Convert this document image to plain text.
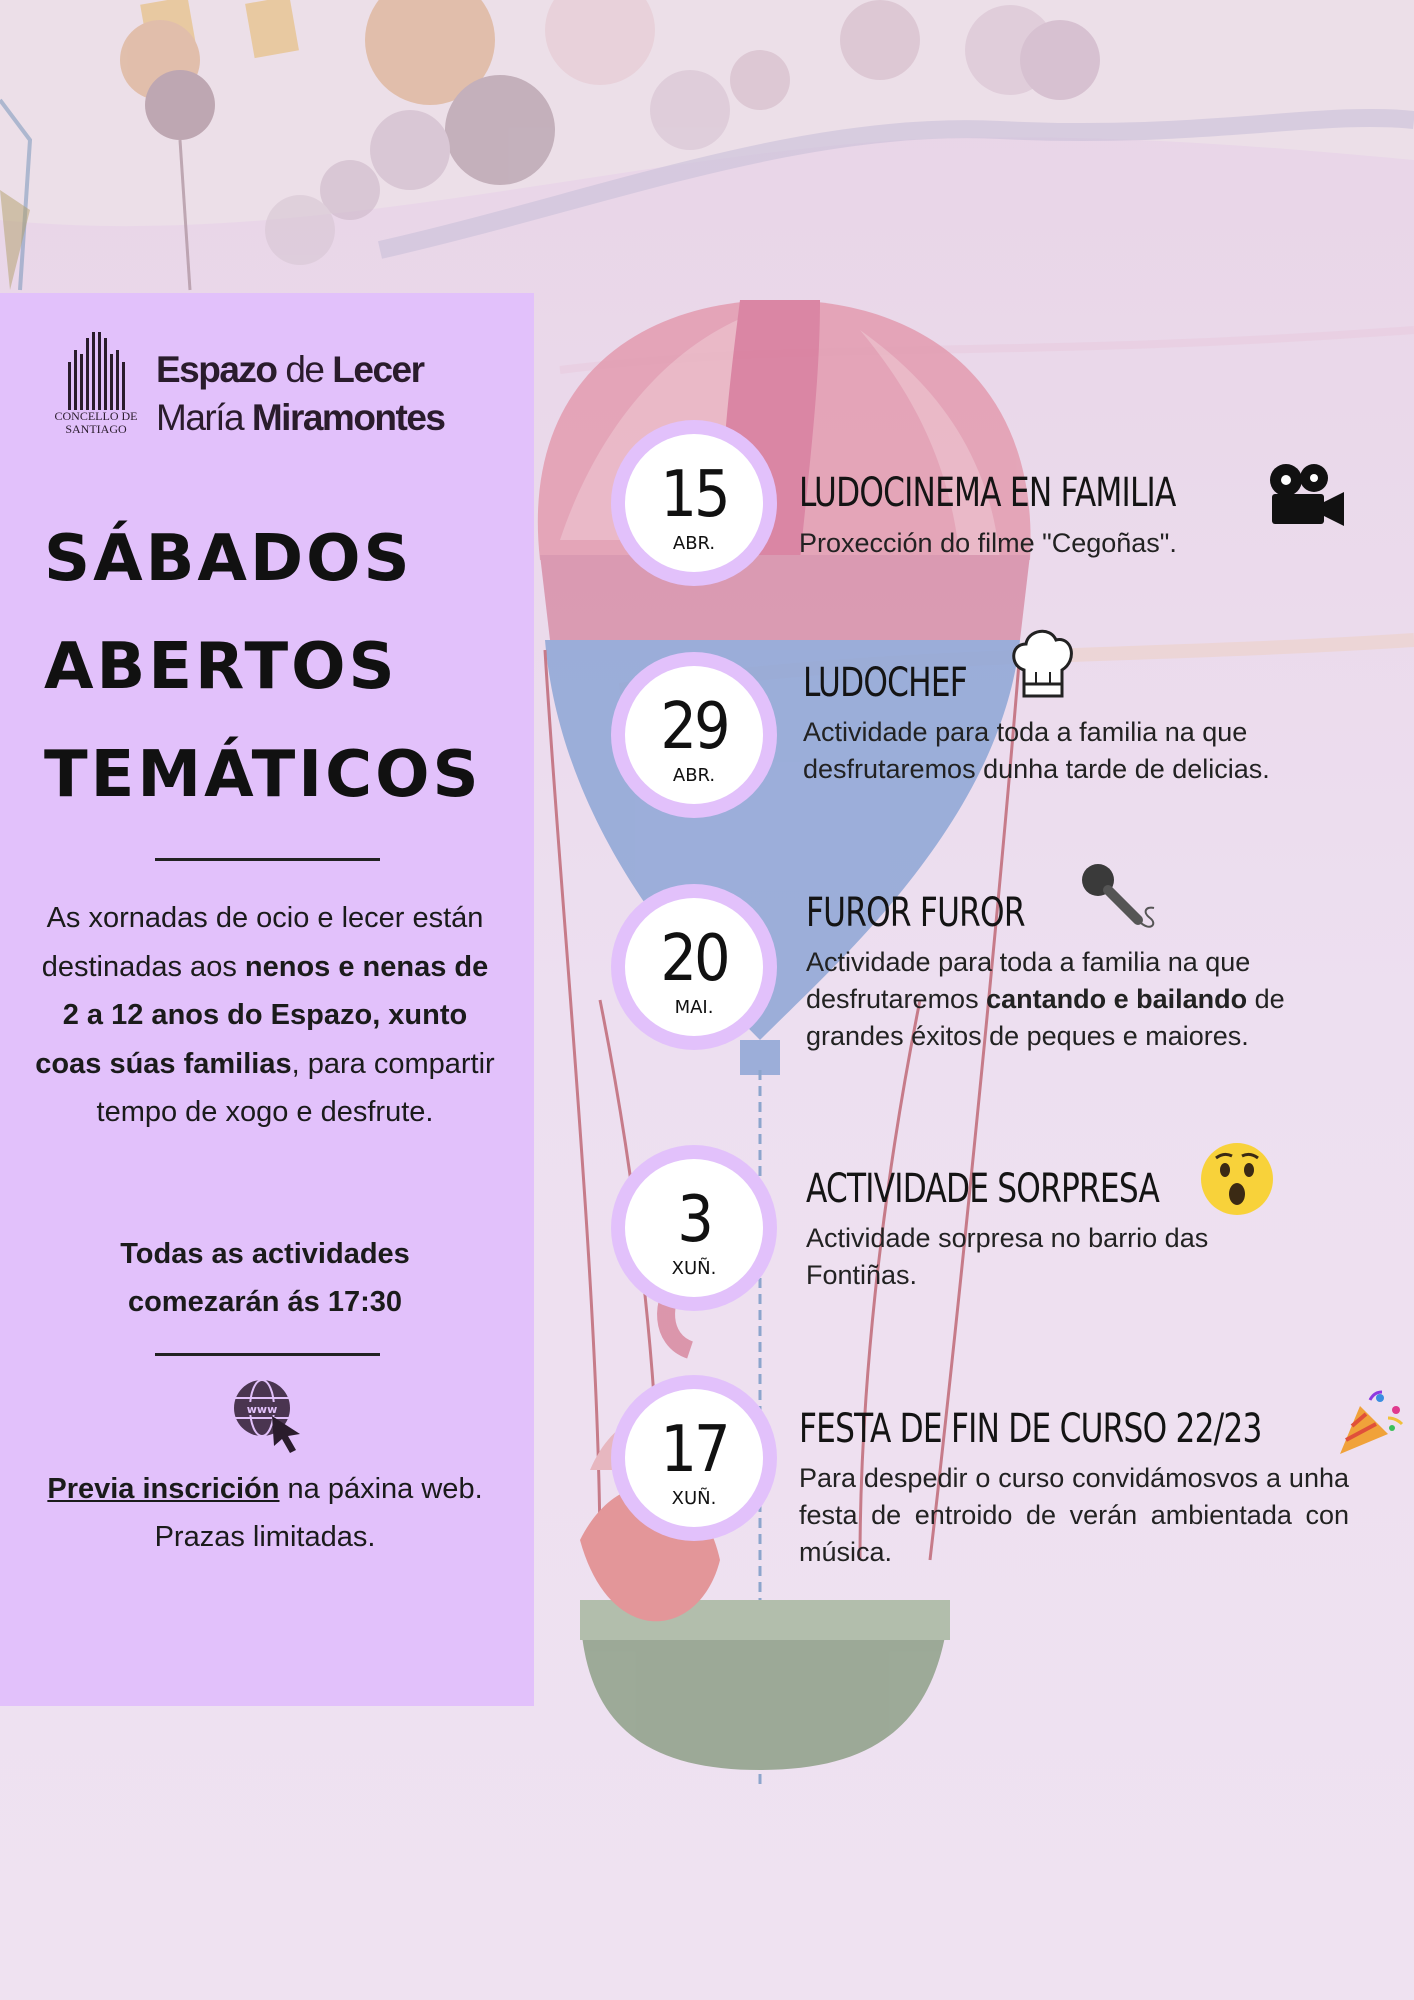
CONCELLO DE SANTIAGO
Espazo de Lecer
María Miramontes
SÁBADOS
ABERTOS
TEMÁTICOS
As xornadas de ocio e lecer están destinadas aos nenos e nenas de 2 a 12 anos do Espazo, xunto coas súas familias, para compartir tempo de xogo e desfrute.
Todas as actividades
comezarán ás 17:30
www
Previa inscrición na páxina web. Prazas limitadas.
15
ABR.
LUDOCINEMA EN FAMILIA
Proxección do filme "Cegoñas".
29
ABR.
LUDOCHEF
Actividade para toda a familia na que desfrutaremos dunha tarde de delicias.
20
MAI.
FUROR FUROR
Actividade para toda a familia na que desfrutaremos cantando e bailando de grandes éxitos de peques e maiores.
3
XUÑ.
ACTIVIDADE SORPRESA
Actividade sorpresa no barrio das Fontiñas.
17
XUÑ.
FESTA DE FIN DE CURSO 22/23
Para despedir o curso convidámosvos a unha festa de entroido de verán ambientada con música.
